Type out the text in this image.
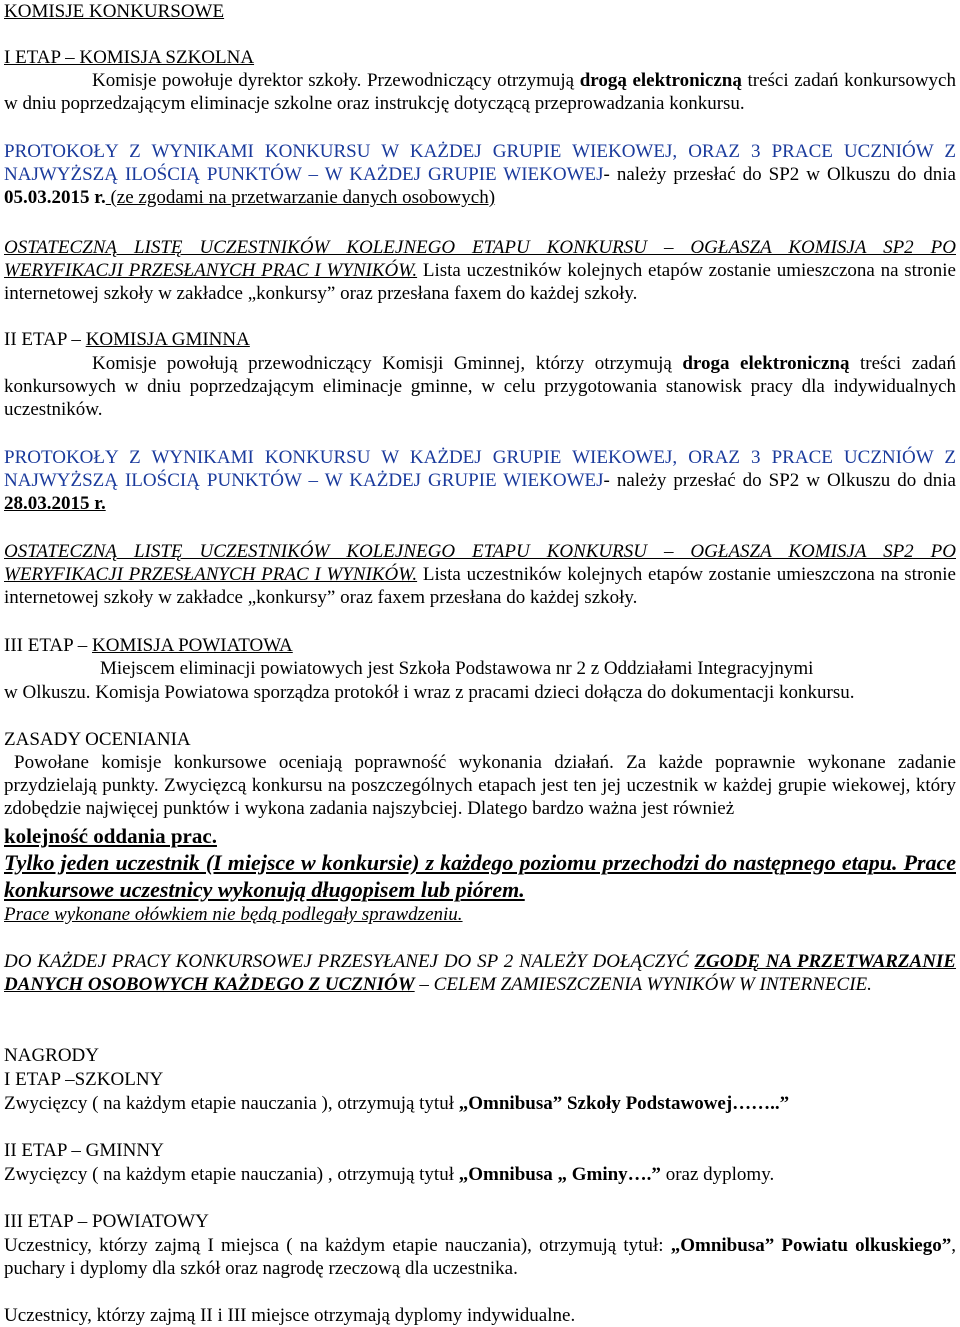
KOMISJE KONKURSOWE
I ETAP – KOMISJA SZKOLNA
Komisje powołuje dyrektor szkoły. Przewodniczący otrzymują drogą elektroniczną treści zadań konkursowych w dniu poprzedzającym eliminacje szkolne oraz instrukcję dotyczącą przeprowadzania konkursu.
PROTOKOŁY Z WYNIKAMI KONKURSU W KAŻDEJ GRUPIE WIEKOWEJ, ORAZ 3 PRACE UCZNIÓW Z NAJWYŻSZĄ ILOŚCIĄ PUNKTÓW – W KAŻDEJ GRUPIE WIEKOWEJ- należy przesłać do SP2 w Olkuszu do dnia 05.03.2015 r. (ze zgodami na przetwarzanie danych osobowych)
OSTATECZNĄ LISTĘ UCZESTNIKÓW KOLEJNEGO ETAPU KONKURSU – OGŁASZA KOMISJA SP2 PO WERYFIKACJI PRZESŁANYCH PRAC I WYNIKÓW. Lista uczestników kolejnych etapów zostanie umieszczona na stronie internetowej szkoły w zakładce „konkursy” oraz przesłana faxem do każdej szkoły.
II ETAP – KOMISJA GMINNA
Komisje powołują przewodniczący Komisji Gminnej, którzy otrzymują droga elektroniczną treści zadań konkursowych w dniu poprzedzającym eliminacje gminne, w celu przygotowania stanowisk pracy dla indywidualnych uczestników.
PROTOKOŁY Z WYNIKAMI KONKURSU W KAŻDEJ GRUPIE WIEKOWEJ, ORAZ 3 PRACE UCZNIÓW Z NAJWYŻSZĄ ILOŚCIĄ PUNKTÓW – W KAŻDEJ GRUPIE WIEKOWEJ- należy przesłać do SP2 w Olkuszu do dnia 28.03.2015 r.
OSTATECZNĄ LISTĘ UCZESTNIKÓW KOLEJNEGO ETAPU KONKURSU – OGŁASZA KOMISJA SP2 PO WERYFIKACJI PRZESŁANYCH PRAC I WYNIKÓW. Lista uczestników kolejnych etapów zostanie umieszczona na stronie internetowej szkoły w zakładce „konkursy” oraz faxem przesłana do każdej szkoły.
III ETAP – KOMISJA POWIATOWA
Miejscem eliminacji powiatowych jest Szkoła Podstawowa nr 2 z Oddziałami Integracyjnymi
w Olkuszu. Komisja Powiatowa sporządza protokół i wraz z pracami dzieci dołącza do dokumentacji konkursu.
ZASADY OCENIANIA
Powołane komisje konkursowe oceniają poprawność wykonania działań. Za każde poprawnie wykonane zadanie przydzielają punkty. Zwycięzcą konkursu na poszczególnych etapach jest ten jej uczestnik w każdej grupie wiekowej, który zdobędzie najwięcej punktów i wykona zadania najszybciej. Dlatego bardzo ważna jest również
kolejność oddania prac.
Tylko jeden uczestnik (I miejsce w konkursie) z każdego poziomu przechodzi do następnego etapu. Prace konkursowe uczestnicy wykonują długopisem lub piórem.
Prace wykonane ołówkiem nie będą podlegały sprawdzeniu.
DO KAŻDEJ PRACY KONKURSOWEJ PRZESYŁANEJ DO SP 2 NALEŻY DOŁĄCZYĆ ZGODĘ NA PRZETWARZANIE DANYCH OSOBOWYCH KAŻDEGO Z UCZNIÓW – CELEM ZAMIESZCZENIA WYNIKÓW W INTERNECIE.
NAGRODY
I ETAP –SZKOLNY
Zwycięzcy ( na każdym etapie nauczania ), otrzymują tytuł „Omnibusa” Szkoły Podstawowej……..”
II ETAP – GMINNY
Zwycięzcy ( na każdym etapie nauczania) , otrzymują tytuł „Omnibusa „ Gminy….” oraz dyplomy.
III ETAP – POWIATOWY
Uczestnicy, którzy zajmą I miejsca ( na każdym etapie nauczania), otrzymują tytuł: „Omnibusa” Powiatu olkuskiego”, puchary i dyplomy dla szkół oraz nagrodę rzeczową dla uczestnika.
Uczestnicy, którzy zajmą II i III miejsce otrzymają dyplomy indywidualne.
